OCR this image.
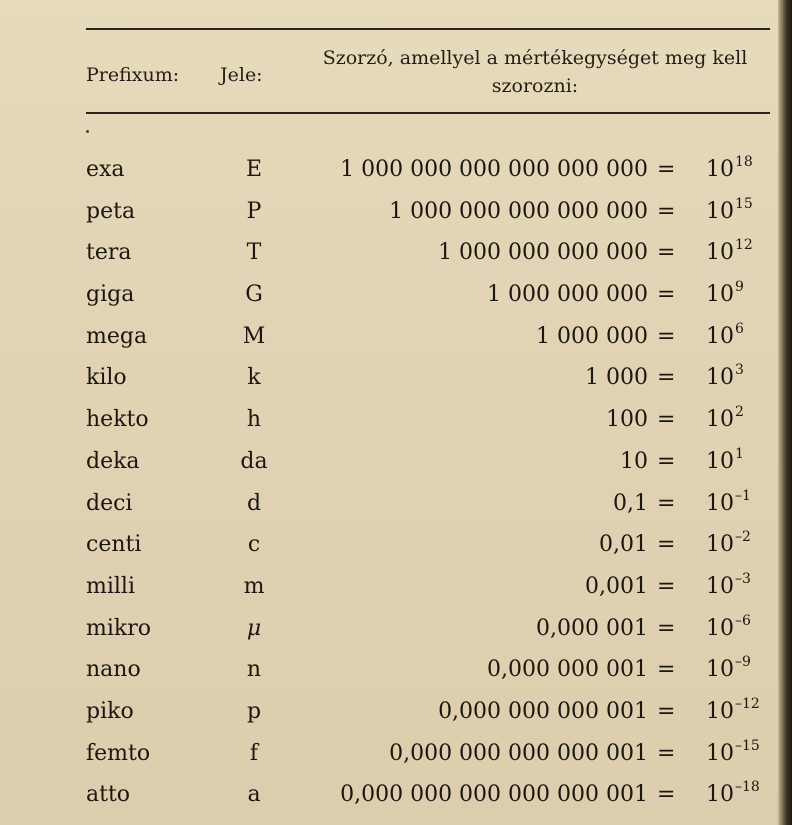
Prefixum: Jele:
Szorzó, amellyel a mértékegységet meg kell szorozni:
exa	E	1 000 000 000 000 000 $000 = 10^{18}$
peta	P	1 000 000 000 000 $000 = 10^{15}$
tera	T	1 000 000 000 $000 = 10^{12}$
giga	G	1 000 000 $000 = 10^9$
mega	M	1 000 $000 = 10^6$
kilo	k	1 $000 = 10^3$
hekto	h	$100 = 10^2$
deka	da	$10 = 10^1$
deci	d	$0,1 = 10^{-1}$
centi	c	$0,01 = 10^{-2}$
milli	m	$0,001 = 10^{-3}$
mikro	μ	0,000 $001 = 10^{-6}$
nano	n	0,000 000 $001 = 10^{-9}$
piko	p	0,000 000 000 $001 = 10^{-12}$
femto	f	0,000 000 000 000 $001 = 10^{-15}$
atto	a	0,000 000 000 000 000 $001 = 10^{-18}$
